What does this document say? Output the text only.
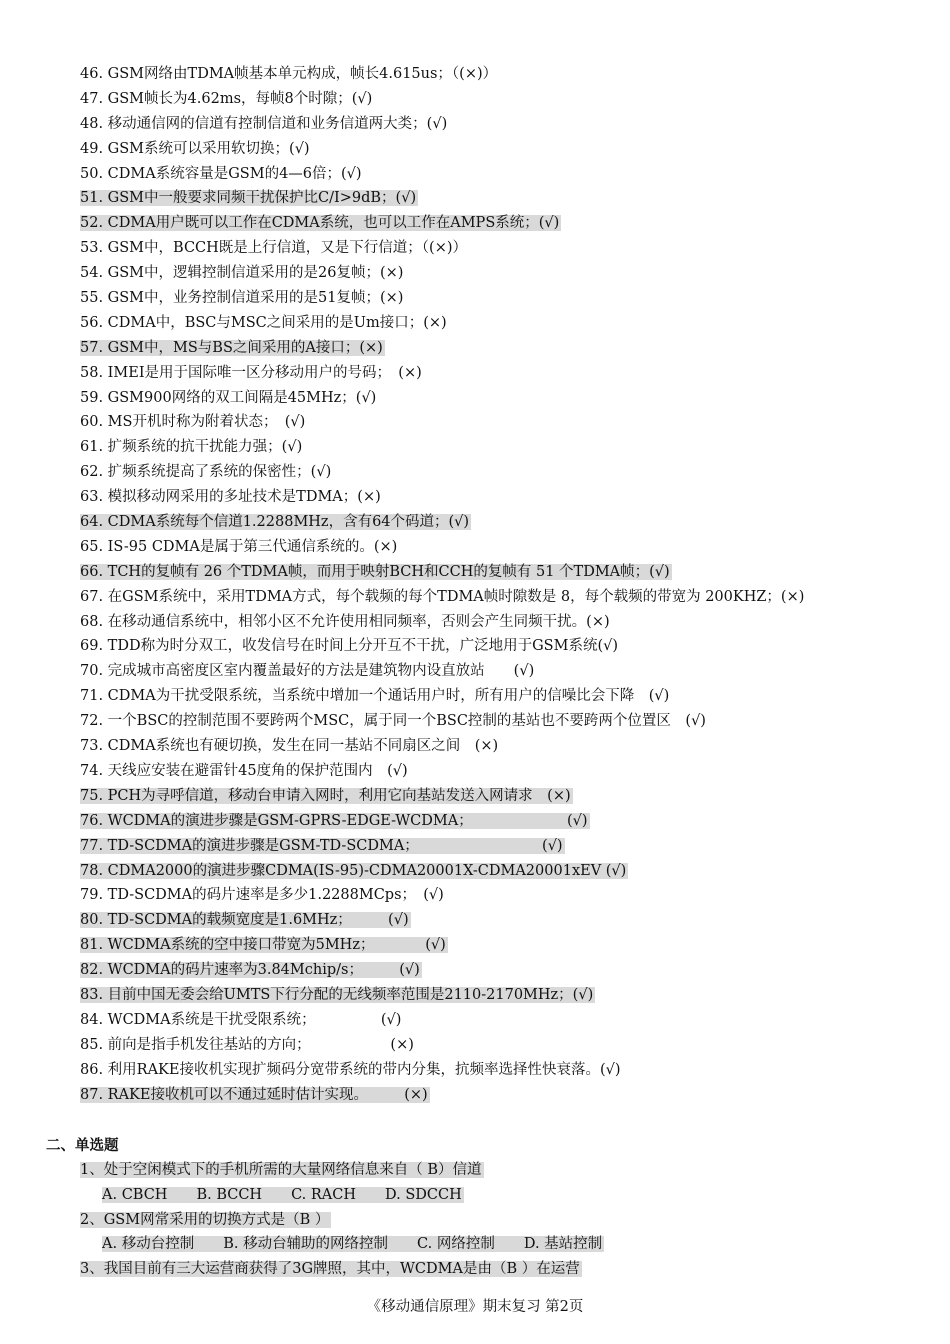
46. GSM网络由TDMA帧基本单元构成，帧长4.615us；（(×)）
47. GSM帧长为4.62ms，每帧8个时隙；(√)
48. 移动通信网的信道有控制信道和业务信道两大类；(√)
49. GSM系统可以采用软切换；(√)
50. CDMA系统容量是GSM的4—6倍；(√)
51. GSM中一般要求同频干扰保护比C/I>9dB；(√)
52. CDMA用户既可以工作在CDMA系统，也可以工作在AMPS系统；(√)
53. GSM中，BCCH既是上行信道，又是下行信道；（(×)）
54. GSM中，逻辑控制信道采用的是26复帧；(×)
55. GSM中，业务控制信道采用的是51复帧；(×)
56. CDMA中，BSC与MSC之间采用的是Um接口；(×)
57. GSM中，MS与BS之间采用的A接口；(×)
58. IMEI是用于国际唯一区分移动用户的号码；　(×)
59. GSM900网络的双工间隔是45MHz；(√)
60. MS开机时称为附着状态；　(√)
61. 扩频系统的抗干扰能力强；(√)
62. 扩频系统提高了系统的保密性；(√)
63. 模拟移动网采用的多址技术是TDMA；(×)
64. CDMA系统每个信道1.2288MHz，含有64个码道；(√)
65. IS-95 CDMA是属于第三代通信系统的。(×)
66. TCH的复帧有 26 个TDMA帧，而用于映射BCH和CCH的复帧有 51 个TDMA帧；(√)
67. 在GSM系统中，采用TDMA方式，每个载频的每个TDMA帧时隙数是 8，每个载频的带宽为 200KHZ；(×)
68. 在移动通信系统中，相邻小区不允许使用相同频率，否则会产生同频干扰。(×)
69. TDD称为时分双工，收发信号在时间上分开互不干扰，广泛地用于GSM系统(√)
70. 完成城市高密度区室内覆盖最好的方法是建筑物内设直放站　　(√)
71. CDMA为干扰受限系统，当系统中增加一个通话用户时，所有用户的信噪比会下降　(√)
72. 一个BSC的控制范围不要跨两个MSC，属于同一个BSC控制的基站也不要跨两个位置区　(√)
73. CDMA系统也有硬切换，发生在同一基站不同扇区之间　(×)
74. 天线应安装在避雷针45度角的保护范围内　(√)
75. PCH为寻呼信道，移动台申请入网时，利用它向基站发送入网请求　(×)
76. WCDMA的演进步骤是GSM-GPRS-EDGE-WCDMA；　　　　　　　(√)
77. TD-SCDMA的演进步骤是GSM-TD-SCDMA；　　　　　　　　　(√)
78. CDMA2000的演进步骤CDMA(IS-95)-CDMA20001X-CDMA20001xEV (√)
79. TD-SCDMA的码片速率是多少1.2288MCps；　(√)
80. TD-SCDMA的载频宽度是1.6MHz；　　　(√)
81. WCDMA系统的空中接口带宽为5MHz；　　　　(√)
82. WCDMA的码片速率为3.84Mchip/s；　　　(√)
83. 目前中国无委会给UMTS下行分配的无线频率范围是2110-2170MHz；(√)
84. WCDMA系统是干扰受限系统；　　　　　(√)
85. 前向是指手机发往基站的方向；　　　　　　(×)
86. 利用RAKE接收机实现扩频码分宽带系统的带内分集，抗频率选择性快衰落。(√)
87. RAKE接收机可以不通过延时估计实现。　　　(×)
二、单选题
1、处于空闲模式下的手机所需的大量网络信息来自（ B）信道
A. CBCH　　B. BCCH　　C. RACH　　D. SDCCH
2、GSM网常采用的切换方式是（B ）
A. 移动台控制　　B. 移动台辅助的网络控制　　C. 网络控制　　D. 基站控制
3、我国目前有三大运营商获得了3G牌照，其中，WCDMA是由（B ）在运营
《移动通信原理》期末复习 第2页
